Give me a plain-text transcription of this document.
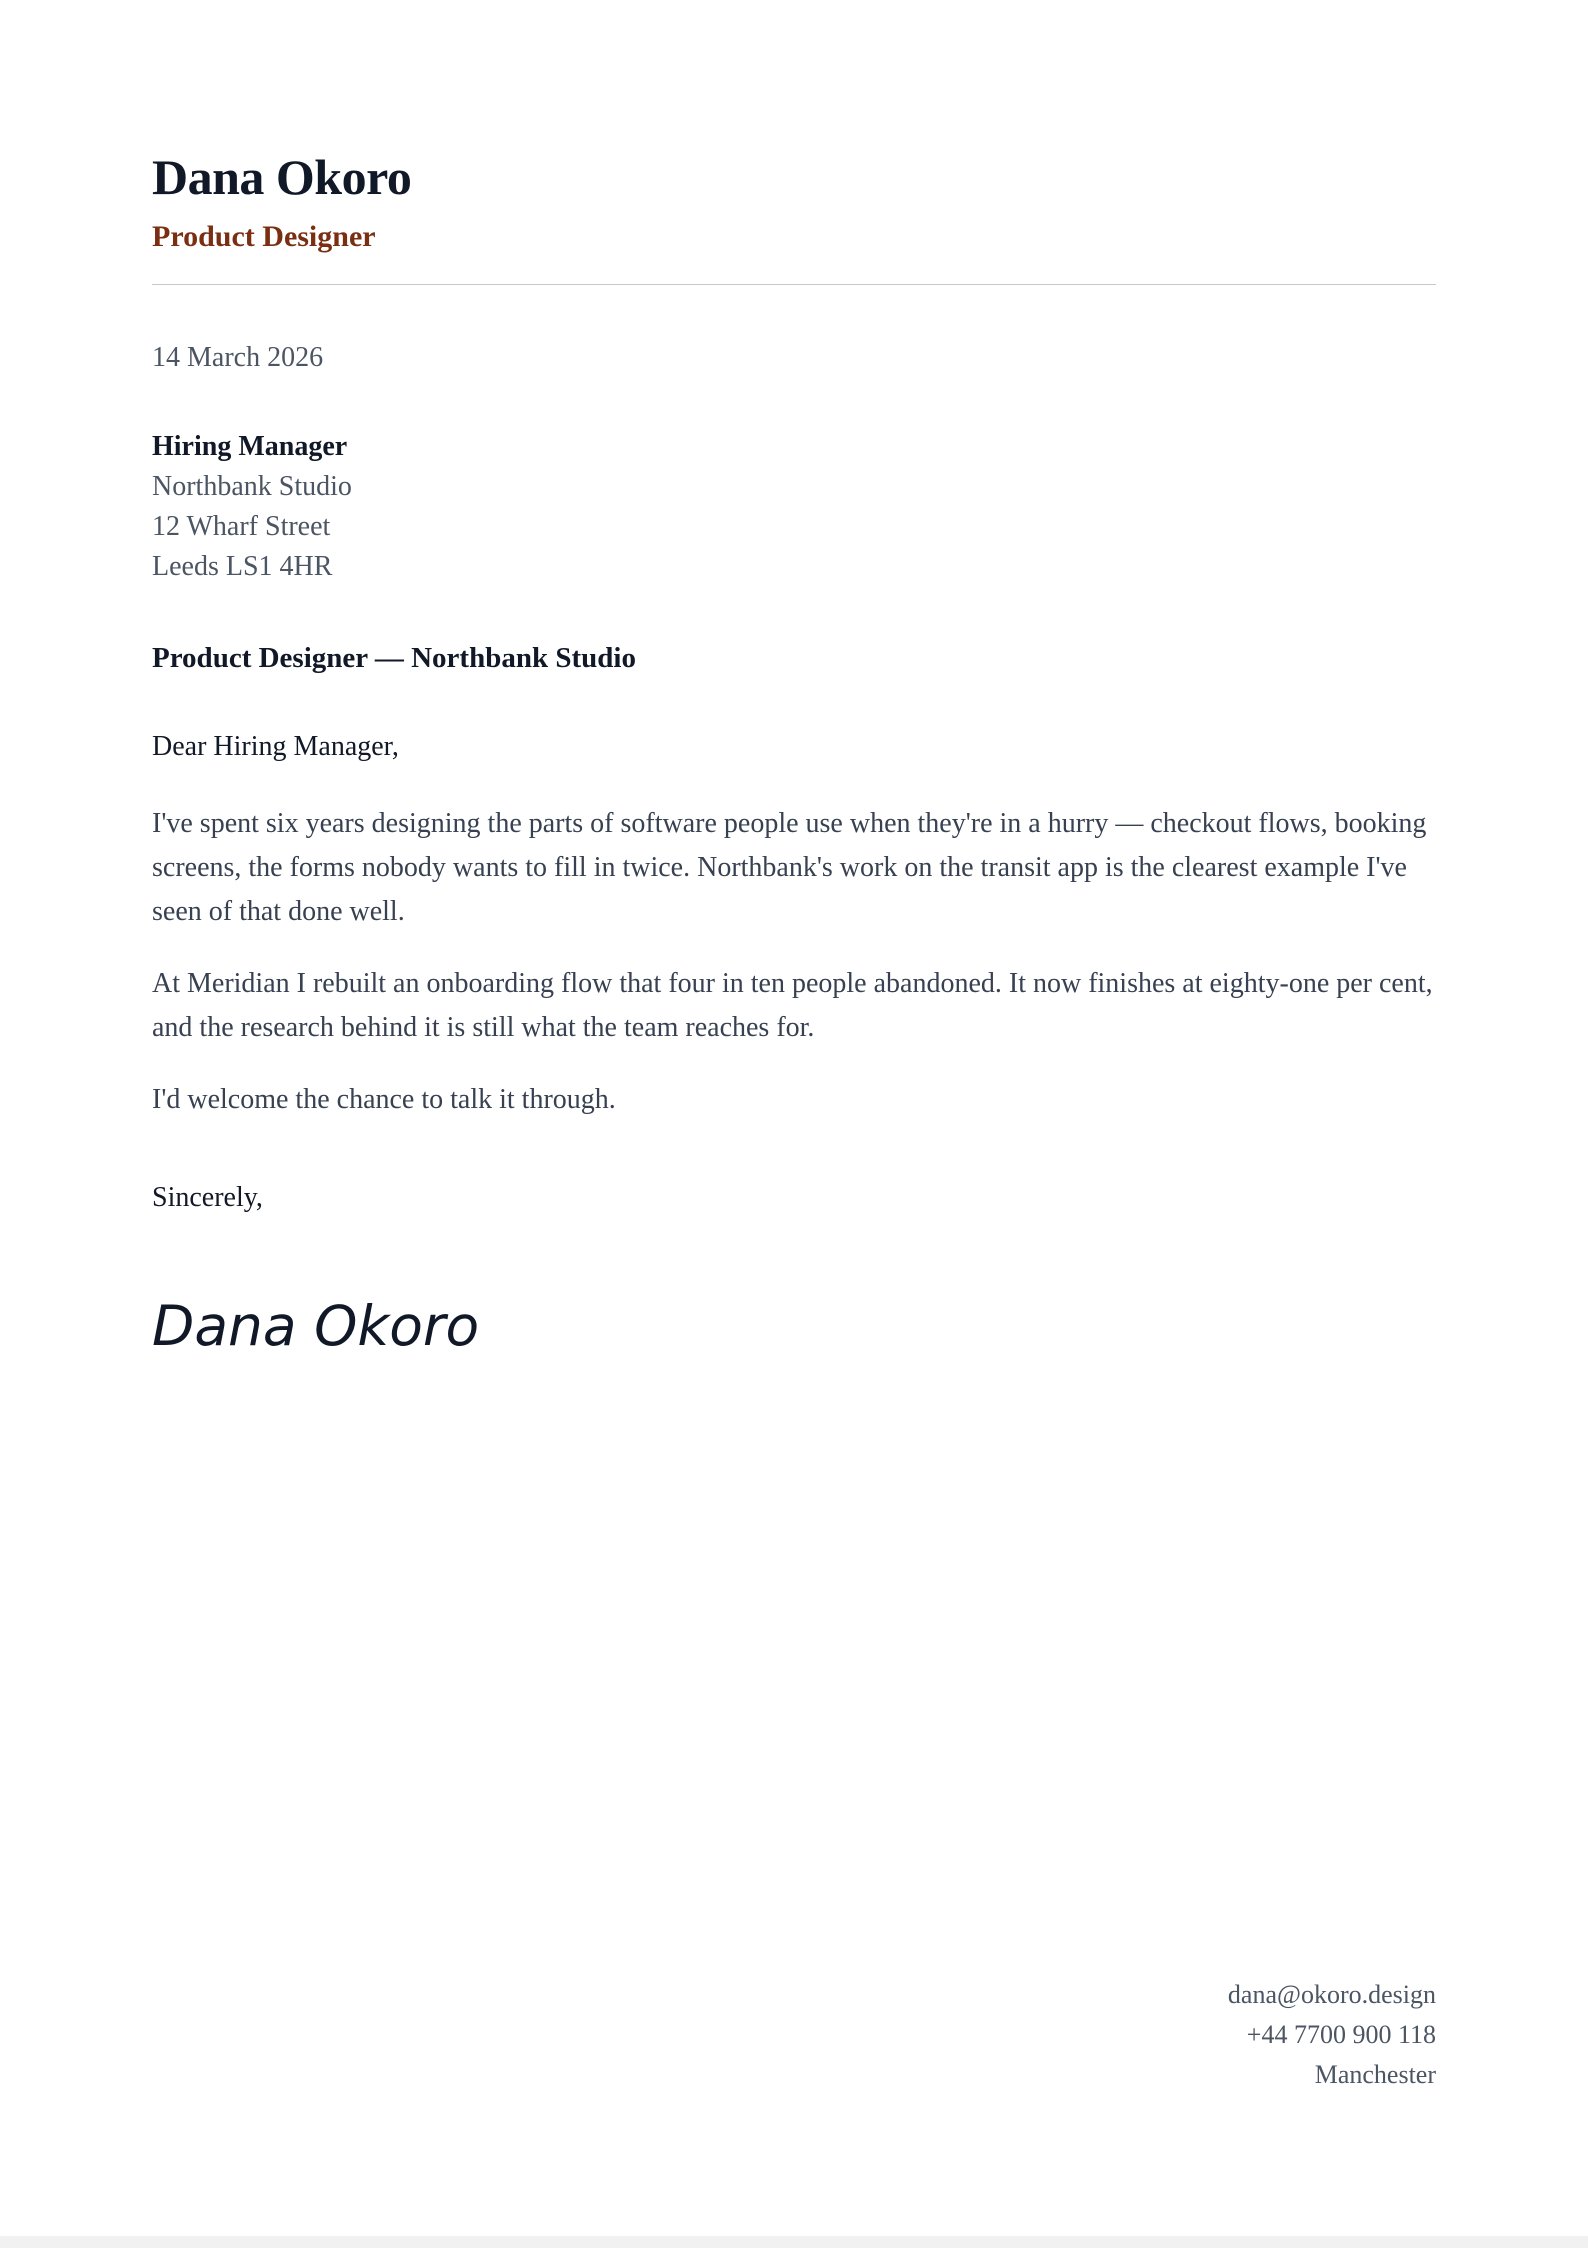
Dana Okoro
Product Designer
14 March 2026
Hiring Manager
Northbank Studio
12 Wharf Street
Leeds LS1 4HR
Product Designer — Northbank Studio
Dear Hiring Manager,

I've spent six years designing the parts of software people use when they're in a hurry — checkout flows, booking screens, the forms nobody wants to fill in twice. Northbank's work on the transit app is the clearest example I've seen of that done well.

At Meridian I rebuilt an onboarding flow that four in ten people abandoned. It now finishes at eighty-one per cent, and the research behind it is still what the team reaches for.

I'd welcome the chance to talk it through.

Sincerely,
Dana Okoro
dana@okoro.design
+44 7700 900 118
Manchester
